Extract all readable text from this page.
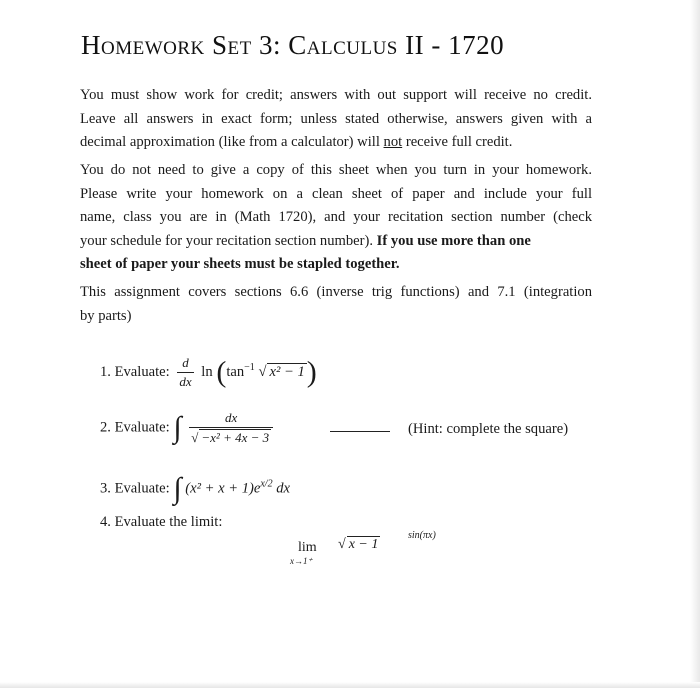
Homework Set 3: Calculus II - 1720
You must show work for credit; answers with out support will receive no credit.
Leave all answers in exact form; unless stated otherwise, answers given with a
decimal approximation (like from a calculator) will not receive full credit.
You do not need to give a copy of this sheet when you turn in your homework.
Please write your homework on a clean sheet of paper and include your full
name, class you are in (Math 1720), and your recitation section number (check
your schedule for your recitation section number). If you use more than one
sheet of paper your sheets must be stapled together.
This assignment covers sections 6.6 (inverse trig functions) and 7.1 (integration
by parts)
1. Evaluate: $\frac{d}{dx}$ $\ln (\tan^{-1}$ √ x² − 1)
2. Evaluate: ∫ $\frac{dx}{\text{√ −x² + 4x − 3}}$	(Hint: complete the square)
3. Evaluate: ∫ $(x^2 + x + 1)e^{x/2}$ dx
4. Evaluate the limit:
lim
x→1⁺
√ x − 1
sin(πx)
